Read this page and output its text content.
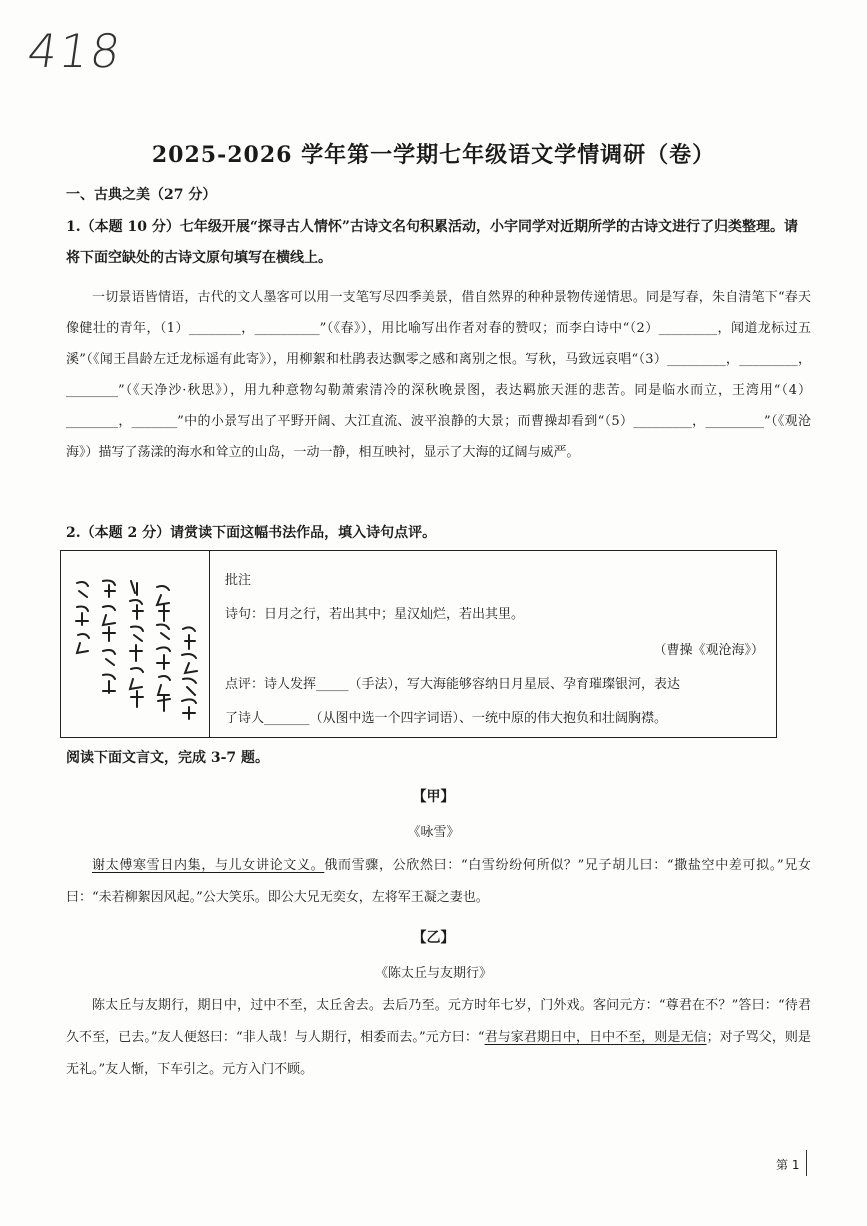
418
2025-2026 学年第一学期七年级语文学情调研（卷）
一、古典之美（27 分）
1.（本题 10 分）七年级开展“探寻古人情怀”古诗文名句积累活动，小宇同学对近期所学的古诗文进行了归类整理。请将下面空缺处的古诗文原句填写在横线上。
一切景语皆情语，古代的文人墨客可以用一支笔写尽四季美景，借自然界的种种景物传递情思。同是写春，朱自清笔下“春天像健壮的青年，（1）________，__________”（《春》），用比喻写出作者对春的赞叹；而李白诗中“（2）_________，闻道龙标过五溪”（《闻王昌龄左迁龙标遥有此寄》），用柳絮和杜鹃表达飘零之感和离别之恨。写秋，马致远哀唱“（3）_________，_________，________”（《天净沙·秋思》），用九种意物勾勒萧索清冷的深秋晚景图，表达羁旅天涯的悲苦。同是临水而立，王湾用“（4）________，_______”中的小景写出了平野开阔、大江直流、波平浪静的大景；而曹操却看到“（5）_________，_________”（《观沧海》）描写了荡漾的海水和耸立的山岛，一动一静，相互映衬，显示了大海的辽阔与威严。
2.（本题 2 分）请赏读下面这幅书法作品，填入诗句点评。
批注
诗句：日月之行，若出其中；星汉灿烂，若出其里。
（曹操《观沧海》）
点评：诗人发挥_____（手法），写大海能够容纳日月星辰、孕育璀璨银河，表达
了诗人_______（从图中选一个四字词语）、一统中原的伟大抱负和壮阔胸襟。
阅读下面文言文，完成 3-7 题。
【甲】
《咏雪》
谢太傅寒雪日内集，与儿女讲论文义。俄而雪骤，公欣然曰：“白雪纷纷何所似？”兄子胡儿曰：“撒盐空中差可拟。”兄女曰：“未若柳絮因风起。”公大笑乐。即公大兄无奕女，左将军王凝之妻也。
【乙】
《陈太丘与友期行》
陈太丘与友期行，期日中，过中不至，太丘舍去。去后乃至。元方时年七岁，门外戏。客问元方：“尊君在不？”答曰：“待君久不至，已去。”友人便怒曰：“非人哉！与人期行，相委而去。”元方曰：“君与家君期日中，日中不至，则是无信；对子骂父，则是无礼。”友人惭，下车引之。元方入门不顾。
第 1
